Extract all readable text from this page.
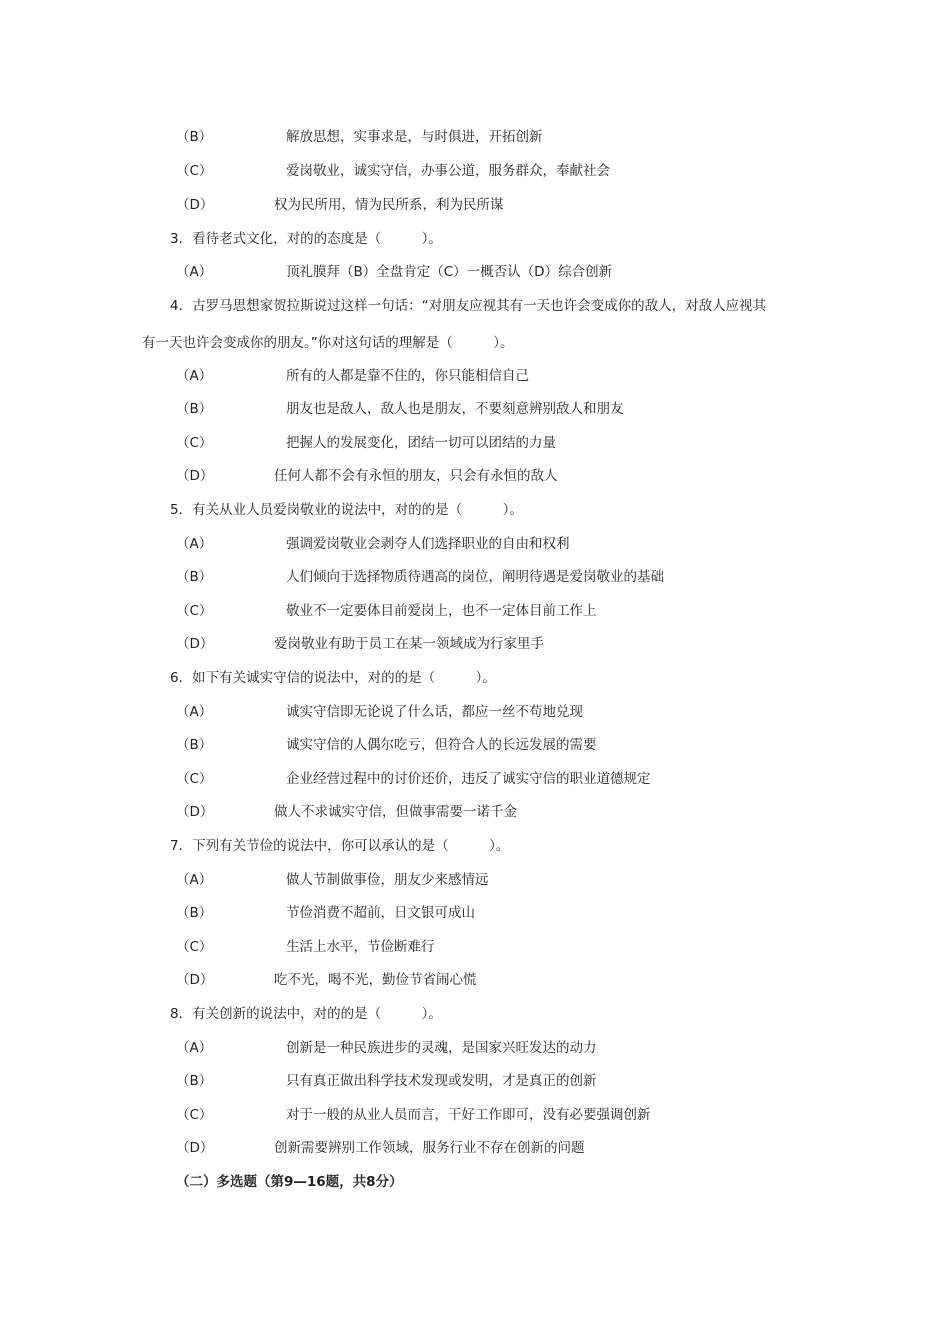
（B）	解放思想，实事求是，与时俱进，开拓创新
（C）	爱岗敬业，诚实守信，办事公道，服务群众，奉献社会
（D）	权为民所用，情为民所系，利为民所谋
3．看待老式文化，对的的态度是（　　　）。
（A）	顶礼膜拜（B）全盘肯定（C）一概否认（D）综合创新
4．古罗马思想家贺拉斯说过这样一句话：“对朋友应视其有一天也许会变成你的敌人，对敌人应视其
有一天也许会变成你的朋友。”你对这句话的理解是（　　　）。
（A）	所有的人都是靠不住的，你只能相信自己
（B）	朋友也是敌人，敌人也是朋友，不要刻意辨别敌人和朋友
（C）	把握人的发展变化，团结一切可以团结的力量
（D）	任何人都不会有永恒的朋友，只会有永恒的敌人
5．有关从业人员爱岗敬业的说法中，对的的是（　　　）。
（A）	强调爱岗敬业会剥夺人们选择职业的自由和权利
（B）	人们倾向于选择物质待遇高的岗位，阐明待遇是爱岗敬业的基础
（C）	敬业不一定要体目前爱岗上，也不一定体目前工作上
（D）	爱岗敬业有助于员工在某一领域成为行家里手
6．如下有关诚实守信的说法中，对的的是（　　　）。
（A）	诚实守信即无论说了什么话，都应一丝不苟地兑现
（B）	诚实守信的人偶尔吃亏，但符合人的长远发展的需要
（C）	企业经营过程中的讨价还价，违反了诚实守信的职业道德规定
（D）	做人不求诚实守信，但做事需要一诺千金
7．下列有关节俭的说法中，你可以承认的是（　　　）。
（A）	做人节制做事俭，朋友少来感情远
（B）	节俭消费不超前，日文银可成山
（C）	生活上水平，节俭断难行
（D）	吃不光，喝不光，勤俭节省闹心慌
8．有关创新的说法中，对的的是（　　　）。
（A）	创新是一种民族进步的灵魂，是国家兴旺发达的动力
（B）	只有真正做出科学技术发现或发明，才是真正的创新
（C）	对于一般的从业人员而言，干好工作即可，没有必要强调创新
（D）	创新需要辨别工作领域，服务行业不存在创新的问题
（二）多选题（第9—16题，共8分）
